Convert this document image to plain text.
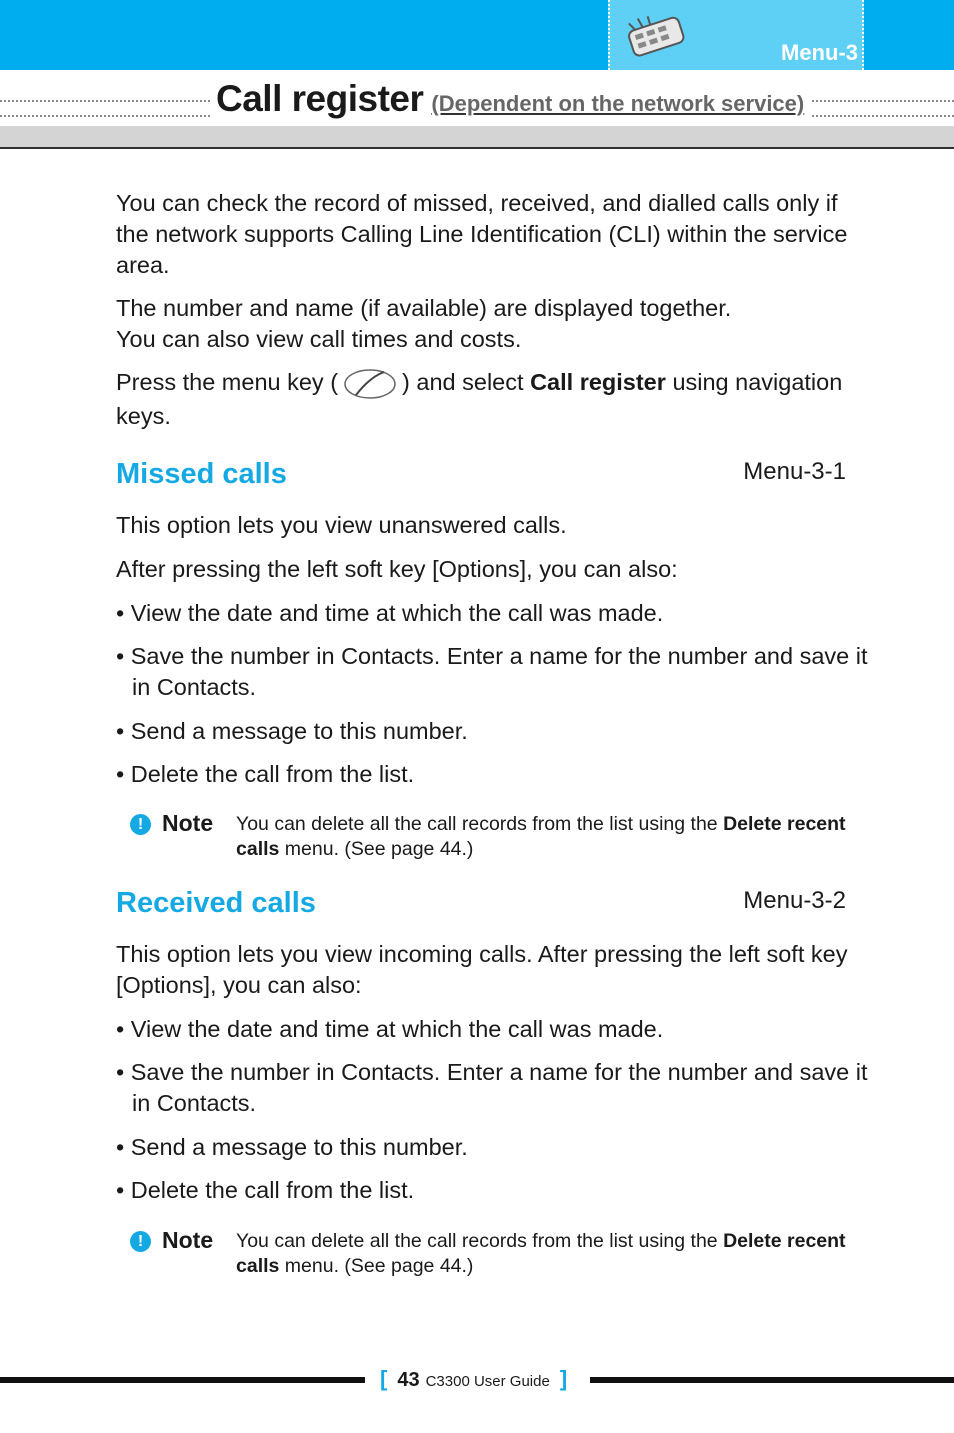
Menu-3
Call register (Dependent on the network service)

You can check the record of missed, received, and dialled calls only if the network supports Calling Line Identification (CLI) within the service area.

The number and name (if available) are displayed together.
You can also view call times and costs.

Press the menu key (	) and select Call register using navigation keys.

Missed calls	Menu-3-1

This option lets you view unanswered calls.

After pressing the left soft key [Options], you can also:

• View the date and time at which the call was made.
• Save the number in Contacts. Enter a name for the number and save it in Contacts.
• Send a message to this number.
• Delete the call from the list.
! Note You can delete all the call records from the list using the Delete recent calls menu. (See page 44.)
Received calls	Menu-3-2

This option lets you view incoming calls. After pressing the left soft key [Options], you can also:

• View the date and time at which the call was made.
• Save the number in Contacts. Enter a name for the number and save it in Contacts.
• Send a message to this number.
• Delete the call from the list.
! Note You can delete all the call records from the list using the Delete recent calls menu. (See page 44.)
[ 43 C3300 User Guide ]
